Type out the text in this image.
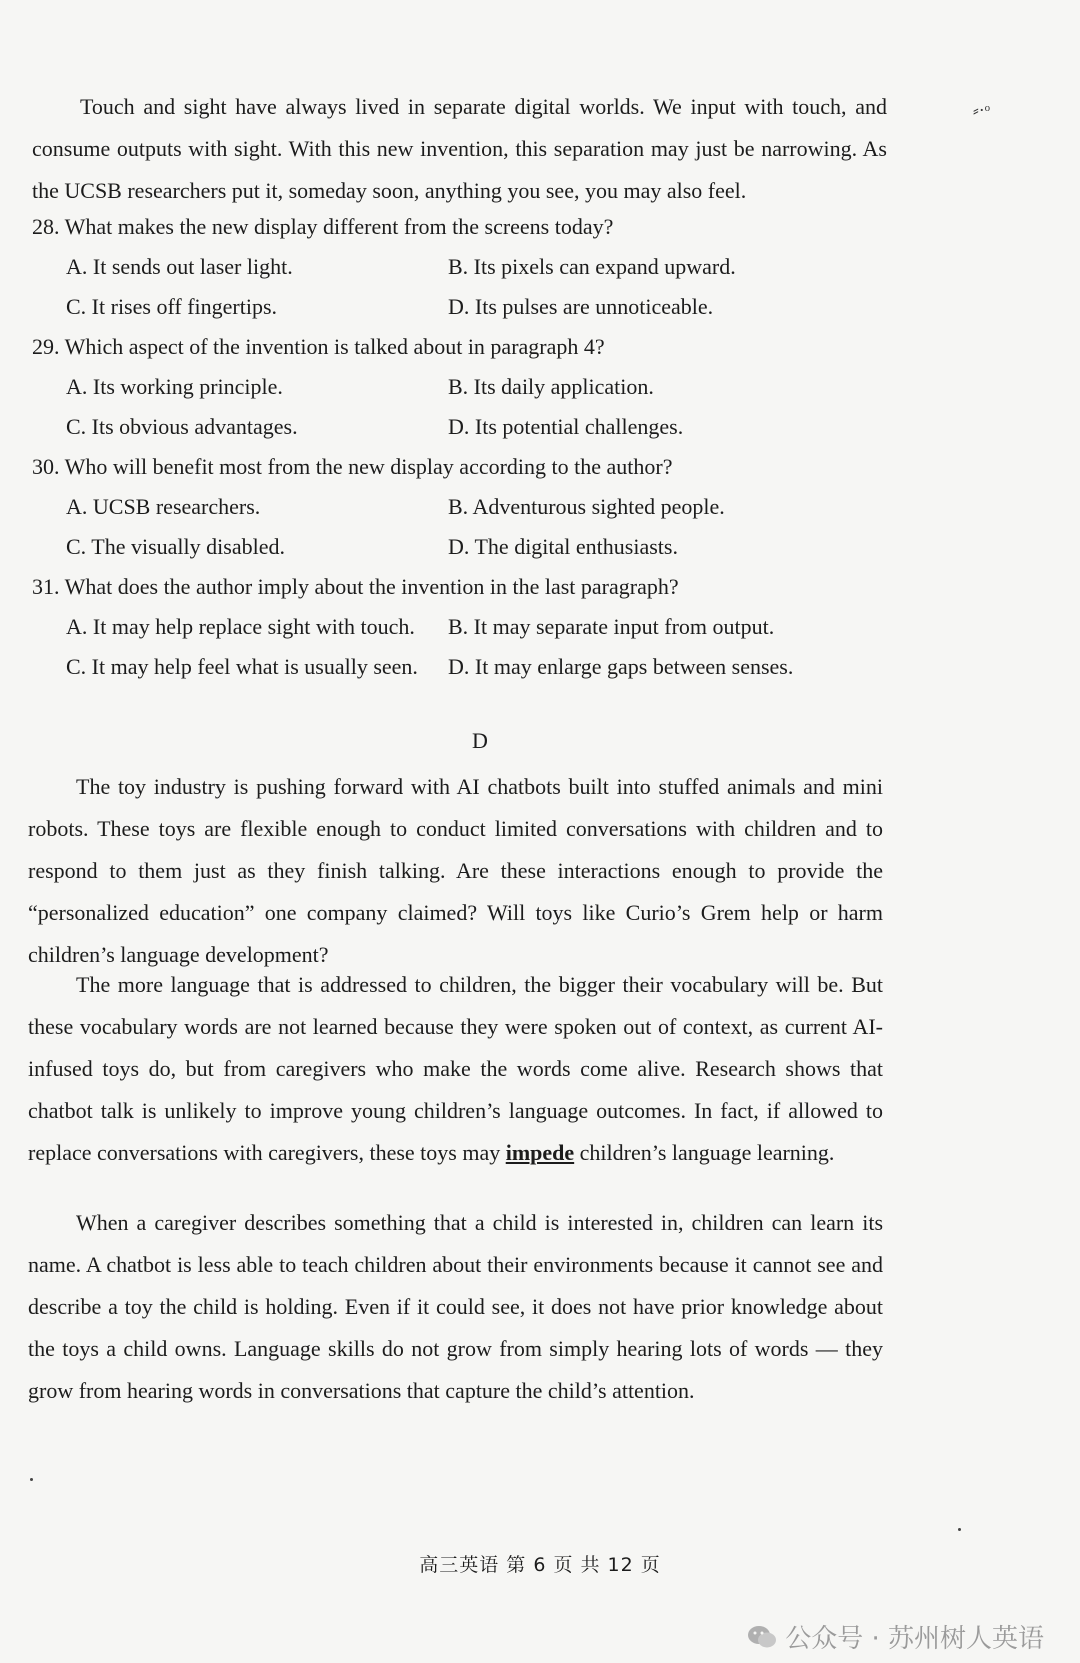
⸗·ᵒ

Touch and sight have always lived in separate digital worlds. We input with touch, and consume outputs with sight. With this new invention, this separation may just be narrowing. As the UCSB researchers put it, someday soon, anything you see, you may also feel.

28. What makes the new display different from the screens today?

A. It sends out laser light.	B. Its pixels can expand upward.

C. It rises off fingertips.	D. Its pulses are unnoticeable.

29. Which aspect of the invention is talked about in paragraph 4?

A. Its working principle.	B. Its daily application.

C. Its obvious advantages.	D. Its potential challenges.

30. Who will benefit most from the new display according to the author?

A. UCSB researchers.	B. Adventurous sighted people.

C. The visually disabled.	D. The digital enthusiasts.

31. What does the author imply about the invention in the last paragraph?

A. It may help replace sight with touch. B. It may separate input from output.

C. It may help feel what is usually seen. D. It may enlarge gaps between senses.

D

The toy industry is pushing forward with AI chatbots built into stuffed animals and mini robots. These toys are flexible enough to conduct limited conversations with children and to respond to them just as they finish talking. Are these interactions enough to provide the “personalized education” one company claimed? Will toys like Curio’s Grem help or harm children’s language development?

The more language that is addressed to children, the bigger their vocabulary will be. But these vocabulary words are not learned because they were spoken out of context, as current AI-infused toys do, but from caregivers who make the words come alive. Research shows that chatbot talk is unlikely to improve young children’s language outcomes. In fact, if allowed to replace conversations with caregivers, these toys may impede children’s language learning.

When a caregiver describes something that a child is interested in, children can learn its name. A chatbot is less able to teach children about their environments because it cannot see and describe a toy the child is holding. Even if it could see, it does not have prior knowledge about the toys a child owns. Language skills do not grow from simply hearing lots of words — they grow from hearing words in conversations that capture the child’s attention.

高三英语 第 6 页 共 12 页
公众号 · 苏州树人英语
